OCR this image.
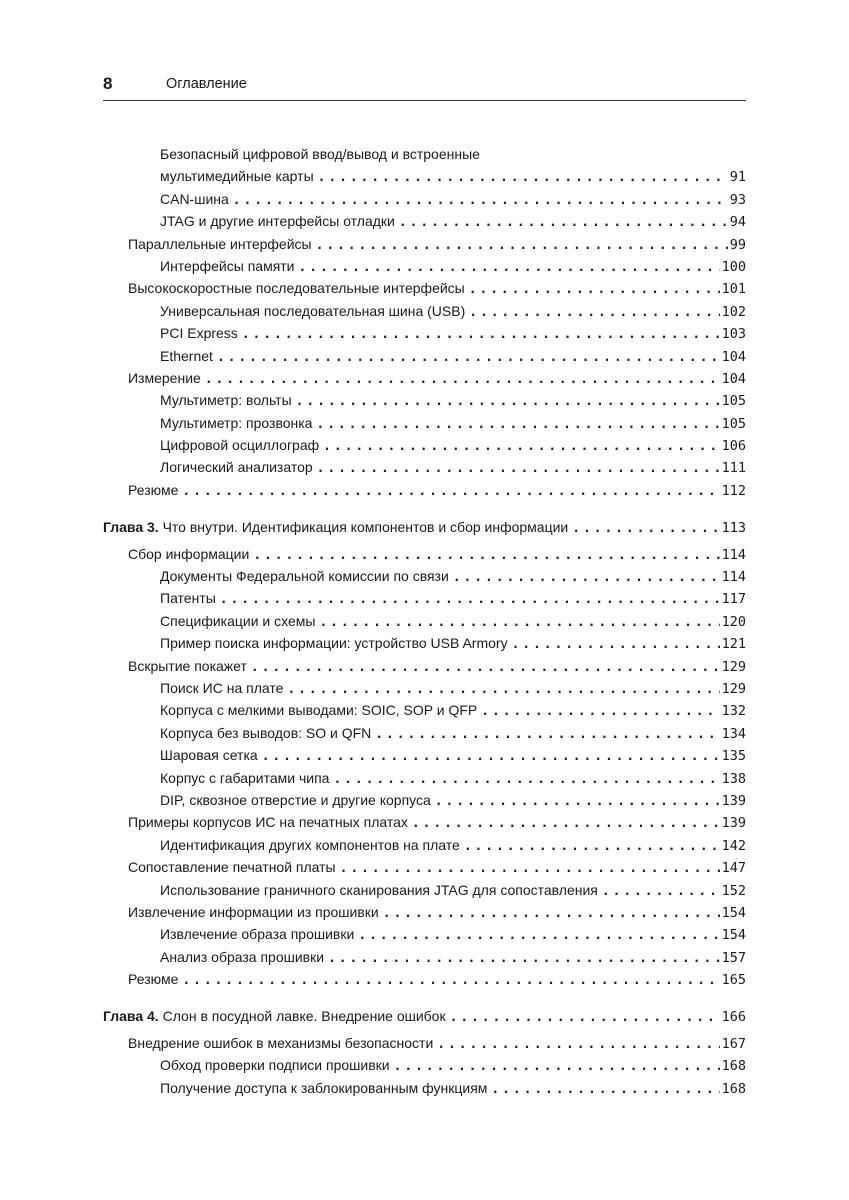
8	Оглавление
Безопасный цифровой ввод/вывод и встроенные
мультимедийные карты .....	91
CAN-шина .....	93
JTAG и другие интерфейсы отладки .....	94
Параллельные интерфейсы .....	99
Интерфейсы памяти .....	100
Высокоскоростные последовательные интерфейсы .....	101
Универсальная последовательная шина (USB) .....	102
PCI Express .....	103
Ethernet .....	104
Измерение .....	104
Мультиметр: вольты .....	105
Мультиметр: прозвонка .....	105
Цифровой осциллограф .....	106
Логический анализатор .....	111
Резюме .....	112
Глава 3. Что внутри. Идентификация компонентов и сбор информации .....	113
Сбор информации .....	114
Документы Федеральной комиссии по связи .....	114
Патенты .....	117
Спецификации и схемы .....	120
Пример поиска информации: устройство USB Armory .....	121
Вскрытие покажет .....	129
Поиск ИС на плате .....	129
Корпуса с мелкими выводами: SOIC, SOP и QFP .....	132
Корпуса без выводов: SO и QFN .....	134
Шаровая сетка .....	135
Корпус с габаритами чипа .....	138
DIP, сквозное отверстие и другие корпуса .....	139
Примеры корпусов ИС на печатных платах .....	139
Идентификация других компонентов на плате .....	142
Сопоставление печатной платы .....	147
Использование граничного сканирования JTAG для сопоставления .....	152
Извлечение информации из прошивки .....	154
Извлечение образа прошивки .....	154
Анализ образа прошивки .....	157
Резюме .....	165
Глава 4. Слон в посудной лавке. Внедрение ошибок .....	166
Внедрение ошибок в механизмы безопасности .....	167
Обход проверки подписи прошивки .....	168
Получение доступа к заблокированным функциям .....	168
